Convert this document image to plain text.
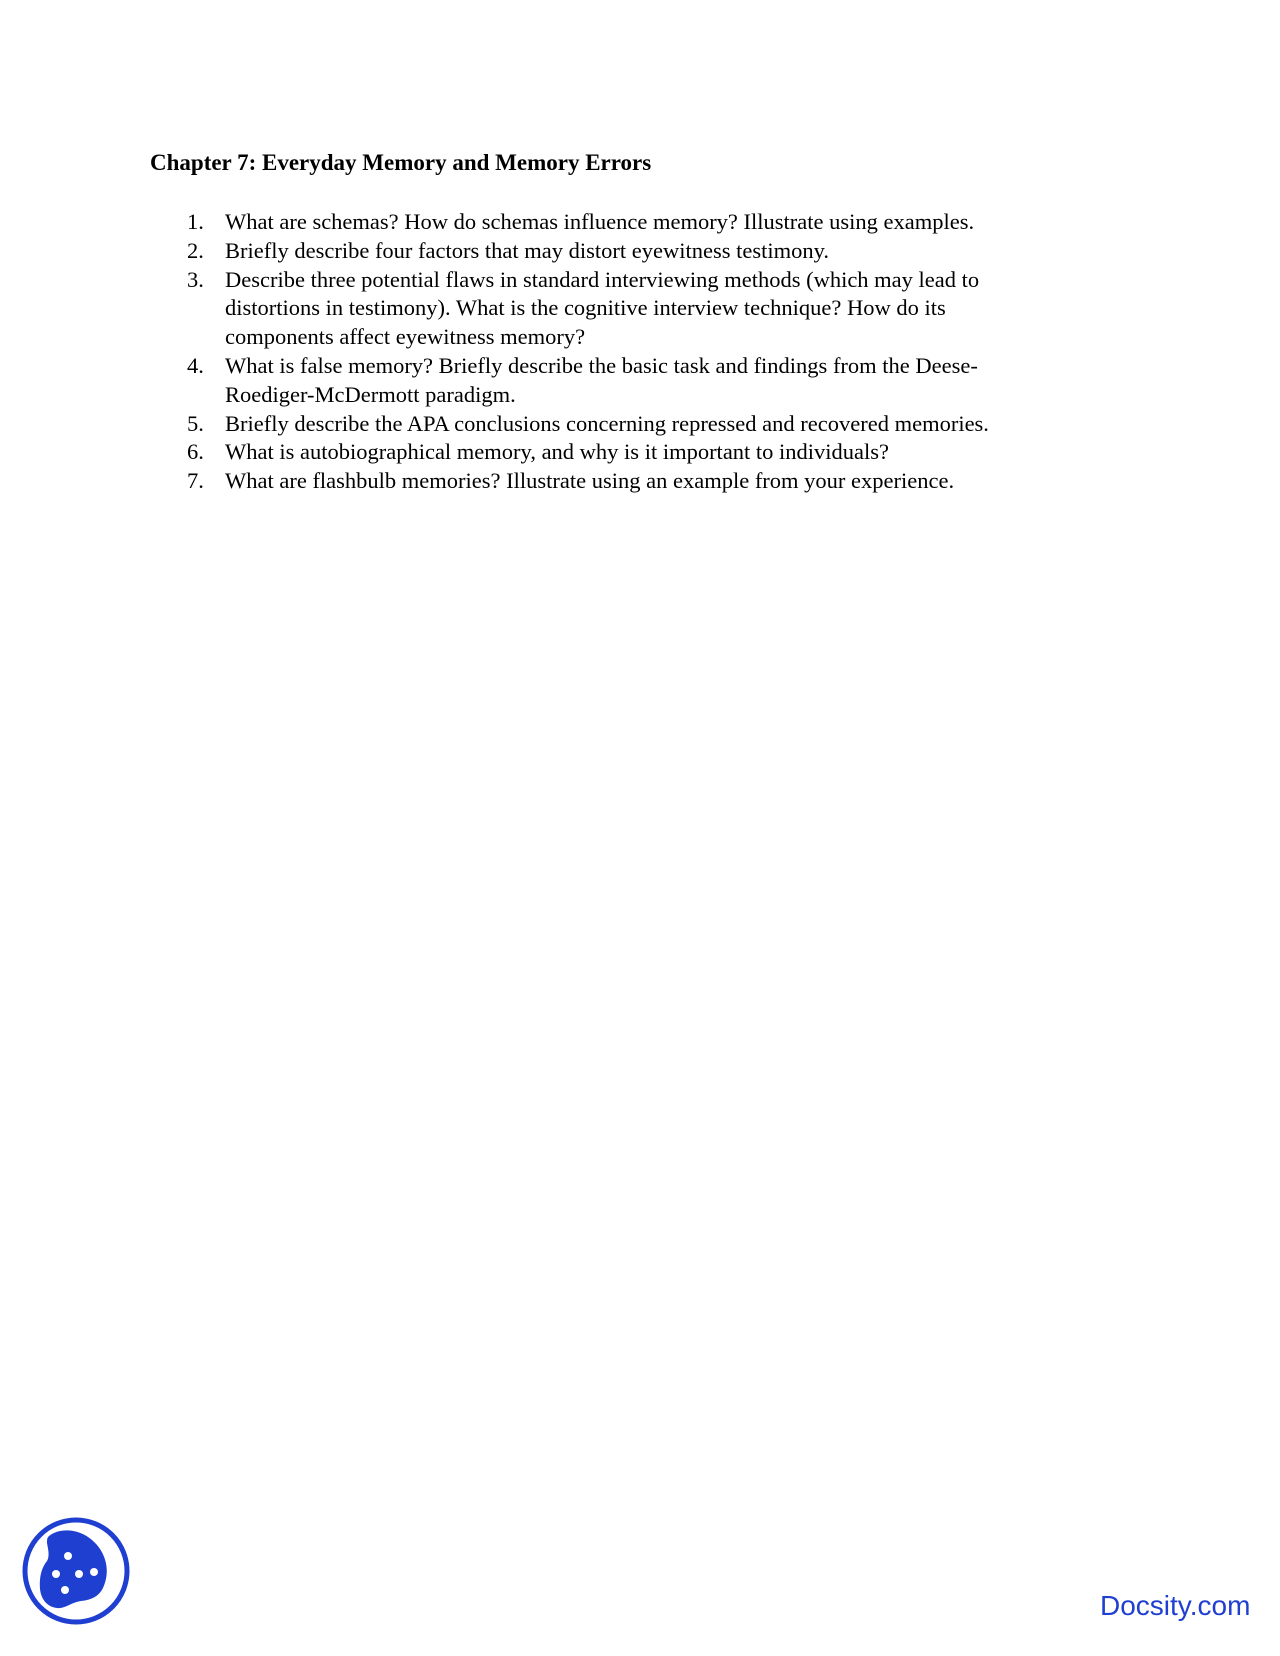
Chapter 7: Everyday Memory and Memory Errors
1. What are schemas? How do schemas influence memory? Illustrate using examples.
2. Briefly describe four factors that may distort eyewitness testimony.
3. Describe three potential flaws in standard interviewing methods (which may lead to
distortions in testimony). What is the cognitive interview technique? How do its
components affect eyewitness memory?
4. What is false memory? Briefly describe the basic task and findings from the Deese-
Roediger-McDermott paradigm.
5. Briefly describe the APA conclusions concerning repressed and recovered memories.
6. What is autobiographical memory, and why is it important to individuals?
7. What are flashbulb memories? Illustrate using an example from your experience.
Docsity.com
